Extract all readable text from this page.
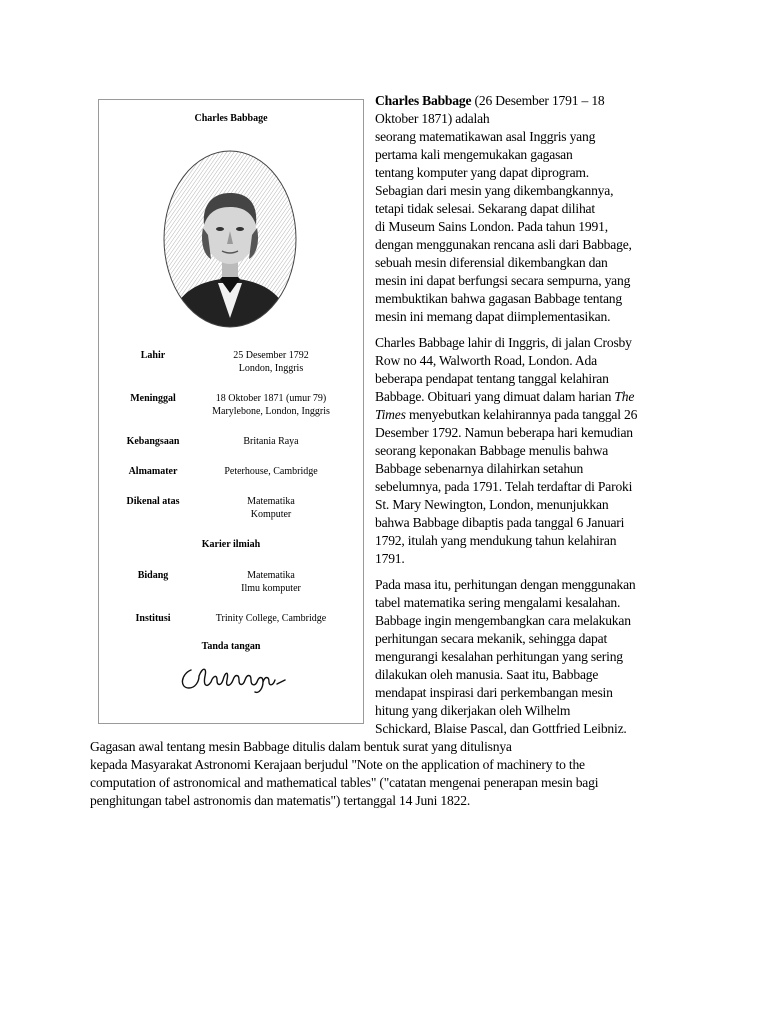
Charles Babbage
Lahir	25 Desember 1792
London, Inggris
Meninggal	18 Oktober 1871 (umur 79)
Marylebone, London, Inggris
Kebangsaan	Britania Raya
Almamater	Peterhouse, Cambridge
Dikenal atas	Matematika
Komputer
Karier ilmiah
Bidang	Matematika
Ilmu komputer
Institusi	Trinity College, Cambridge
Tanda tangan
Charles Babbage (26 Desember 1791 – 18
Oktober 1871) adalah
seorang matematikawan asal Inggris yang
pertama kali mengemukakan gagasan
tentang komputer yang dapat diprogram.
Sebagian dari mesin yang dikembangkannya,
tetapi tidak selesai. Sekarang dapat dilihat
di Museum Sains London. Pada tahun 1991,
dengan menggunakan rencana asli dari Babbage,
sebuah mesin diferensial dikembangkan dan
mesin ini dapat berfungsi secara sempurna, yang
membuktikan bahwa gagasan Babbage tentang
mesin ini memang dapat diimplementasikan.
Charles Babbage lahir di Inggris, di jalan Crosby
Row no 44, Walworth Road, London. Ada
beberapa pendapat tentang tanggal kelahiran
Babbage. Obituari yang dimuat dalam harian The
Times menyebutkan kelahirannya pada tanggal 26
Desember 1792. Namun beberapa hari kemudian
seorang keponakan Babbage menulis bahwa
Babbage sebenarnya dilahirkan setahun
sebelumnya, pada 1791. Telah terdaftar di Paroki
St. Mary Newington, London, menunjukkan
bahwa Babbage dibaptis pada tanggal 6 Januari
1792, itulah yang mendukung tahun kelahiran
1791.
Pada masa itu, perhitungan dengan menggunakan
tabel matematika sering mengalami kesalahan.
Babbage ingin mengembangkan cara melakukan
perhitungan secara mekanik, sehingga dapat
mengurangi kesalahan perhitungan yang sering
dilakukan oleh manusia. Saat itu, Babbage
mendapat inspirasi dari perkembangan mesin
hitung yang dikerjakan oleh Wilhelm
Schickard, Blaise Pascal, dan Gottfried Leibniz.
Gagasan awal tentang mesin Babbage ditulis dalam bentuk surat yang ditulisnya
kepada Masyarakat Astronomi Kerajaan berjudul "Note on the application of machinery to the
computation of astronomical and mathematical tables" ("catatan mengenai penerapan mesin bagi
penghitungan tabel astronomis dan matematis") tertanggal 14 Juni 1822.
